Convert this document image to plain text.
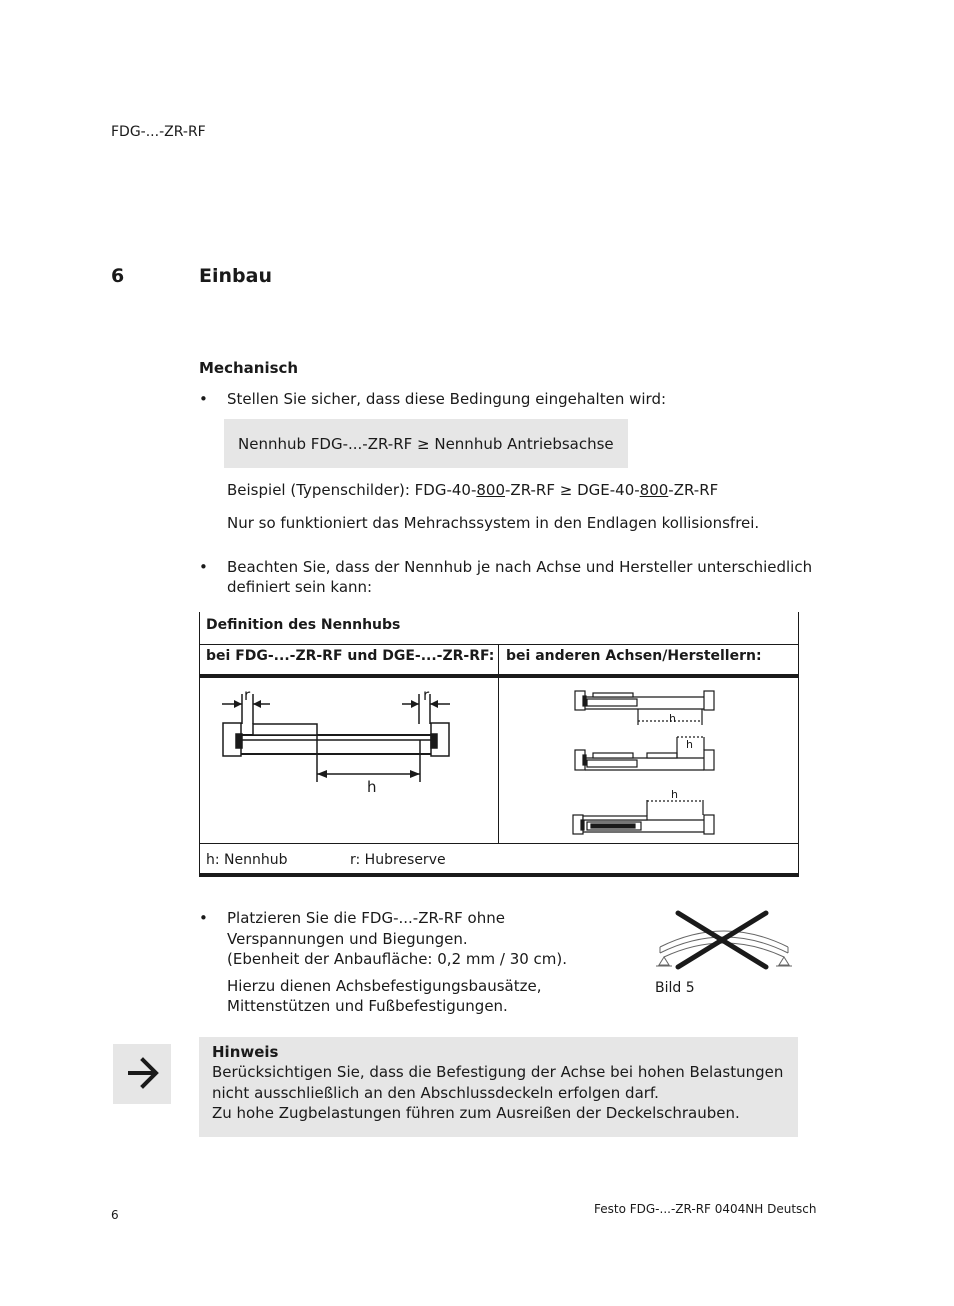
FDG-...-ZR-RF
6	Einbau
Mechanisch
• Stellen Sie sicher, dass diese Bedingung eingehalten wird:
Nennhub FDG-...-ZR-RF ≥ Nennhub Antriebsachse
Beispiel (Typenschilder): FDG-40-800-ZR-RF ≥ DGE-40-800-ZR-RF
Nur so funktioniert das Mehrachssystem in den Endlagen kollisionsfrei.
• Beachten Sie, dass der Nennhub je nach Achse und Hersteller unterschiedlich
definiert sein kann:
Definition des Nennhubs
bei FDG-...-ZR-RF und DGE-...-ZR-RF: bei anderen Achsen/Herstellern:
r	r
h
h
h
h
h: Nennhub	r: Hubreserve
• Platzieren Sie die FDG-...-ZR-RF ohne
Verspannungen und Biegungen.
(Ebenheit der Anbaufläche: 0,2 mm / 30 cm).
Hierzu dienen Achsbefestigungsbausätze,
Mittenstützen und Fußbefestigungen.
Bild 5
Hinweis
Berücksichtigen Sie, dass die Befestigung der Achse bei hohen Belastungen
nicht ausschließlich an den Abschlussdeckeln erfolgen darf.
Zu hohe Zugbelastungen führen zum Ausreißen der Deckelschrauben.
6	Festo FDG-...-ZR-RF 0404NH Deutsch
